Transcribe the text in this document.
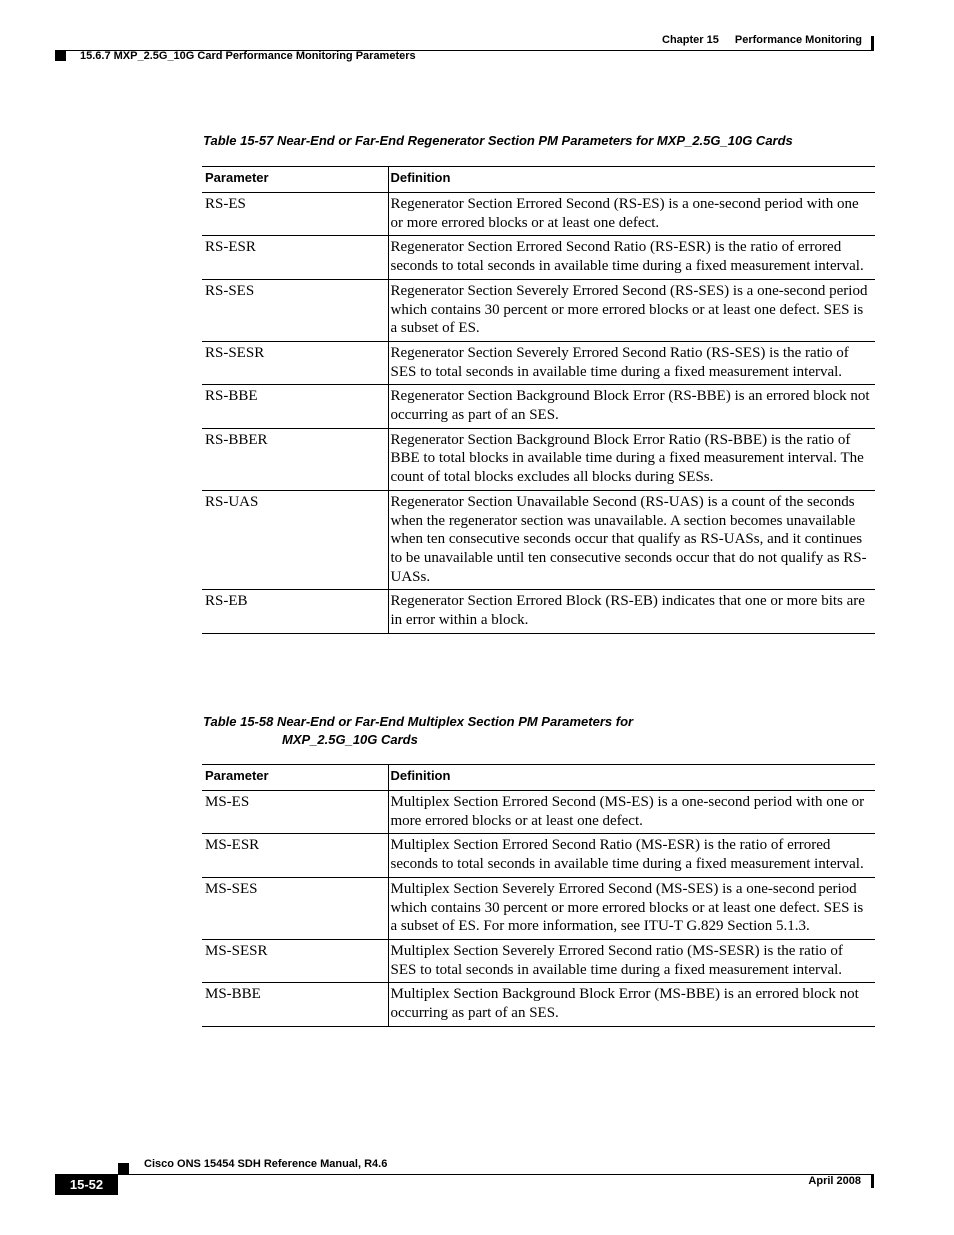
Chapter 15 Performance Monitoring
15.6.7 MXP_2.5G_10G Card Performance Monitoring Parameters
Table 15-57 Near-End or Far-End Regenerator Section PM Parameters for MXP_2.5G_10G Cards
Parameter	Definition
RS-ES	Regenerator Section Errored Second (RS-ES) is a one-second period with one or more errored blocks or at least one defect.
RS-ESR	Regenerator Section Errored Second Ratio (RS-ESR) is the ratio of errored seconds to total seconds in available time during a fixed measurement interval.
RS-SES	Regenerator Section Severely Errored Second (RS-SES) is a one-second period which contains 30 percent or more errored blocks or at least one defect. SES is a subset of ES.
RS-SESR	Regenerator Section Severely Errored Second Ratio (RS-SES) is the ratio of SES to total seconds in available time during a fixed measurement interval.
RS-BBE	Regenerator Section Background Block Error (RS-BBE) is an errored block not occurring as part of an SES.
RS-BBER	Regenerator Section Background Block Error Ratio (RS-BBE) is the ratio of BBE to total blocks in available time during a fixed measurement interval. The count of total blocks excludes all blocks during SESs.
RS-UAS	Regenerator Section Unavailable Second (RS-UAS) is a count of the seconds when the regenerator section was unavailable. A section becomes unavailable when ten consecutive seconds occur that qualify as RS-UASs, and it continues to be unavailable until ten consecutive seconds occur that do not qualify as RS-UASs.
RS-EB	Regenerator Section Errored Block (RS-EB) indicates that one or more bits are in error within a block.
Table 15-58 Near-End or Far-End Multiplex Section PM Parameters for
MXP_2.5G_10G Cards
Parameter	Definition
MS-ES	Multiplex Section Errored Second (MS-ES) is a one-second period with one or more errored blocks or at least one defect.
MS-ESR	Multiplex Section Errored Second Ratio (MS-ESR) is the ratio of errored seconds to total seconds in available time during a fixed measurement interval.
MS-SES	Multiplex Section Severely Errored Second (MS-SES) is a one-second period which contains 30 percent or more errored blocks or at least one defect. SES is a subset of ES. For more information, see ITU-T G.829 Section 5.1.3.
MS-SESR	Multiplex Section Severely Errored Second ratio (MS-SESR) is the ratio of SES to total seconds in available time during a fixed measurement interval.
MS-BBE	Multiplex Section Background Block Error (MS-BBE) is an errored block not occurring as part of an SES.
Cisco ONS 15454 SDH Reference Manual, R4.6
15-52	April 2008
